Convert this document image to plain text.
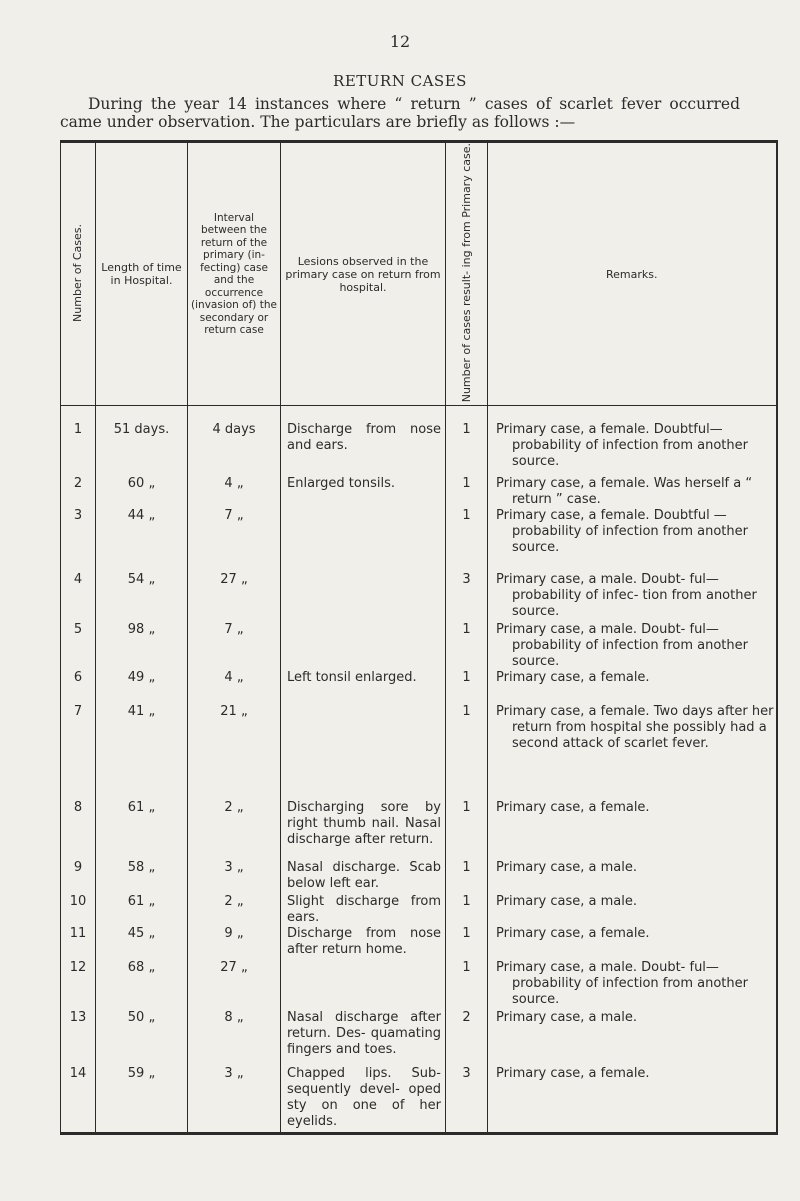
12
RETURN CASES
During the year 14 instances where “ return ” cases of scarlet fever occurred came under observation. The particulars are briefly as follows :—
Number of Cases.	Length of time in Hospital.	Interval between the return of the primary (in- fecting) case and the occurrence (invasion of) the secondary or return case	Lesions observed in the primary case on return from hospital.	Number of cases result- ing from Primary case.	Remarks.

1	51 days.	4 days	Discharge from nose and ears.	1	Primary case, a female. Doubtful—probability of infection from another source.

2	60 „	4 „	Enlarged tonsils.	1	Primary case, a female. Was herself a “ return ” case.

3	44 „	7 „		1	Primary case, a female. Doubtful — probability of infection from another source.

4	54 „	27 „		3	Primary case, a male. Doubt- ful—probability of infec- tion from another source.

5	98 „	7 „		1	Primary case, a male. Doubt- ful—probability of infection from another source.

6	49 „	4 „	Left tonsil enlarged.	1	Primary case, a female.

7	41 „	21 „		1	Primary case, a female. Two days after her return from hospital she possibly had a second attack of scarlet fever.

8	61 „	2 „	Discharging sore by right thumb nail. Nasal discharge after return.	1	Primary case, a female.

9	58 „	3 „	Nasal discharge. Scab below left ear.	1	Primary case, a male.

10	61 „	2 „	Slight discharge from ears.	1	Primary case, a male.

11	45 „	9 „	Discharge from nose after return home.	1	Primary case, a female.

12	68 „	27 „		1	Primary case, a male. Doubt- ful—probability of infection from another source.

13	50 „	8 „	Nasal discharge after return. Des- quamating fingers and toes.	2	Primary case, a male.

14	59 „	3 „	Chapped lips. Sub- sequently devel- oped sty on one of her eyelids.	3	Primary case, a female.
